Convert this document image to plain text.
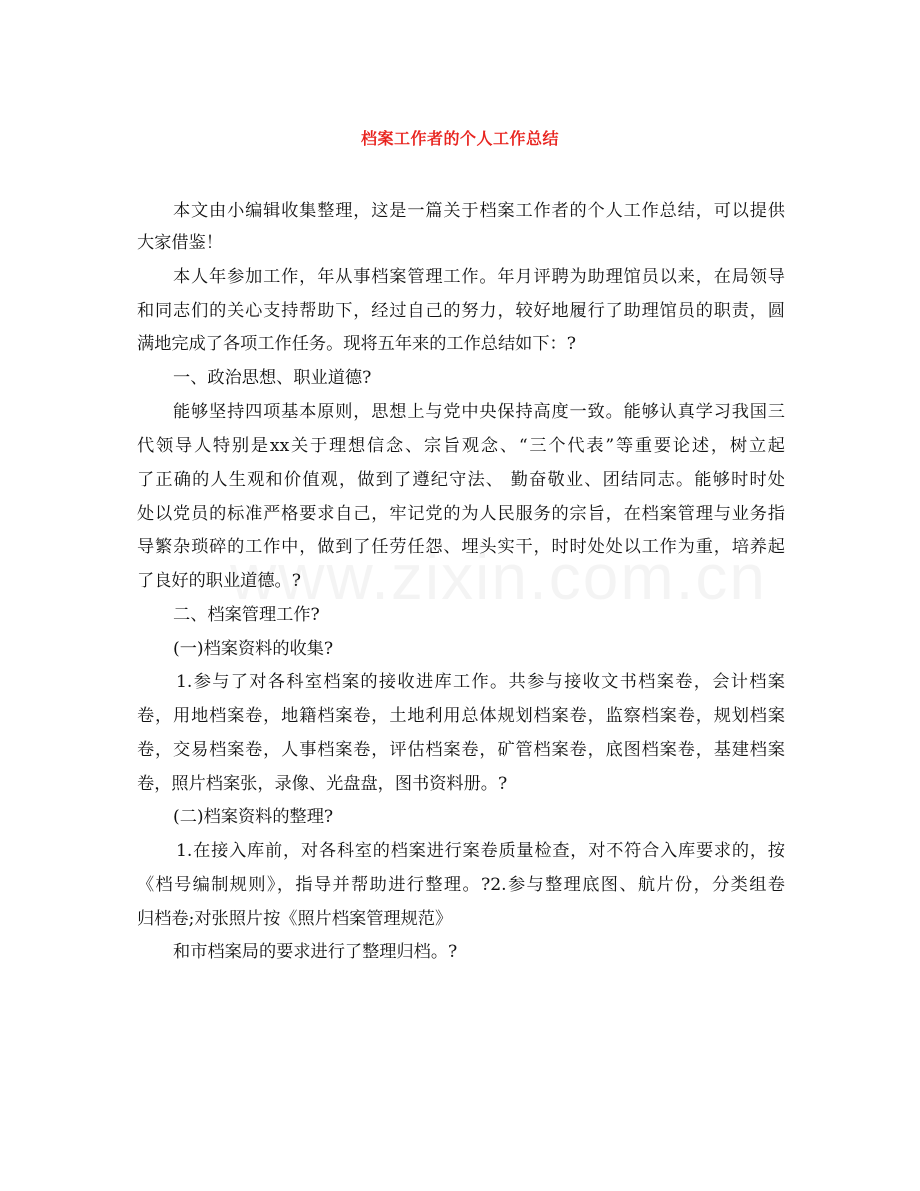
档案工作者的个人工作总结
本文由小编辑收集整理，这是一篇关于档案工作者的个人工作总结，可以提供
大家借鉴！
本人年参加工作，年从事档案管理工作。年月评聘为助理馆员以来，在局领导
和同志们的关心支持帮助下，经过自己的努力，较好地履行了助理馆员的职责，圆
满地完成了各项工作任务。现将五年来的工作总结如下：?
一、政治思想、职业道德?
能够坚持四项基本原则，思想上与党中央保持高度一致。能够认真学习我国三
代领导人特别是xx关于理想信念、宗旨观念、“三个代表”等重要论述，树立起
了正确的人生观和价值观，做到了遵纪守法、 勤奋敬业、团结同志。能够时时处
处以党员的标准严格要求自己，牢记党的为人民服务的宗旨，在档案管理与业务指
导繁杂琐碎的工作中，做到了任劳任怨、埋头实干，时时处处以工作为重，培养起
了良好的职业道德。?
二、档案管理工作?
(一)档案资料的收集?
1.参与了对各科室档案的接收进库工作。共参与接收文书档案卷，会计档案
卷，用地档案卷，地籍档案卷，土地利用总体规划档案卷，监察档案卷，规划档案
卷，交易档案卷，人事档案卷，评估档案卷，矿管档案卷，底图档案卷，基建档案
卷，照片档案张，录像、光盘盘，图书资料册。?
(二)档案资料的整理?
1.在接入库前，对各科室的档案进行案卷质量检查，对不符合入库要求的，按
《档号编制规则》，指导并帮助进行整理。?2.参与整理底图、航片份，分类组卷
归档卷;对张照片按《照片档案管理规范》
和市档案局的要求进行了整理归档。?
